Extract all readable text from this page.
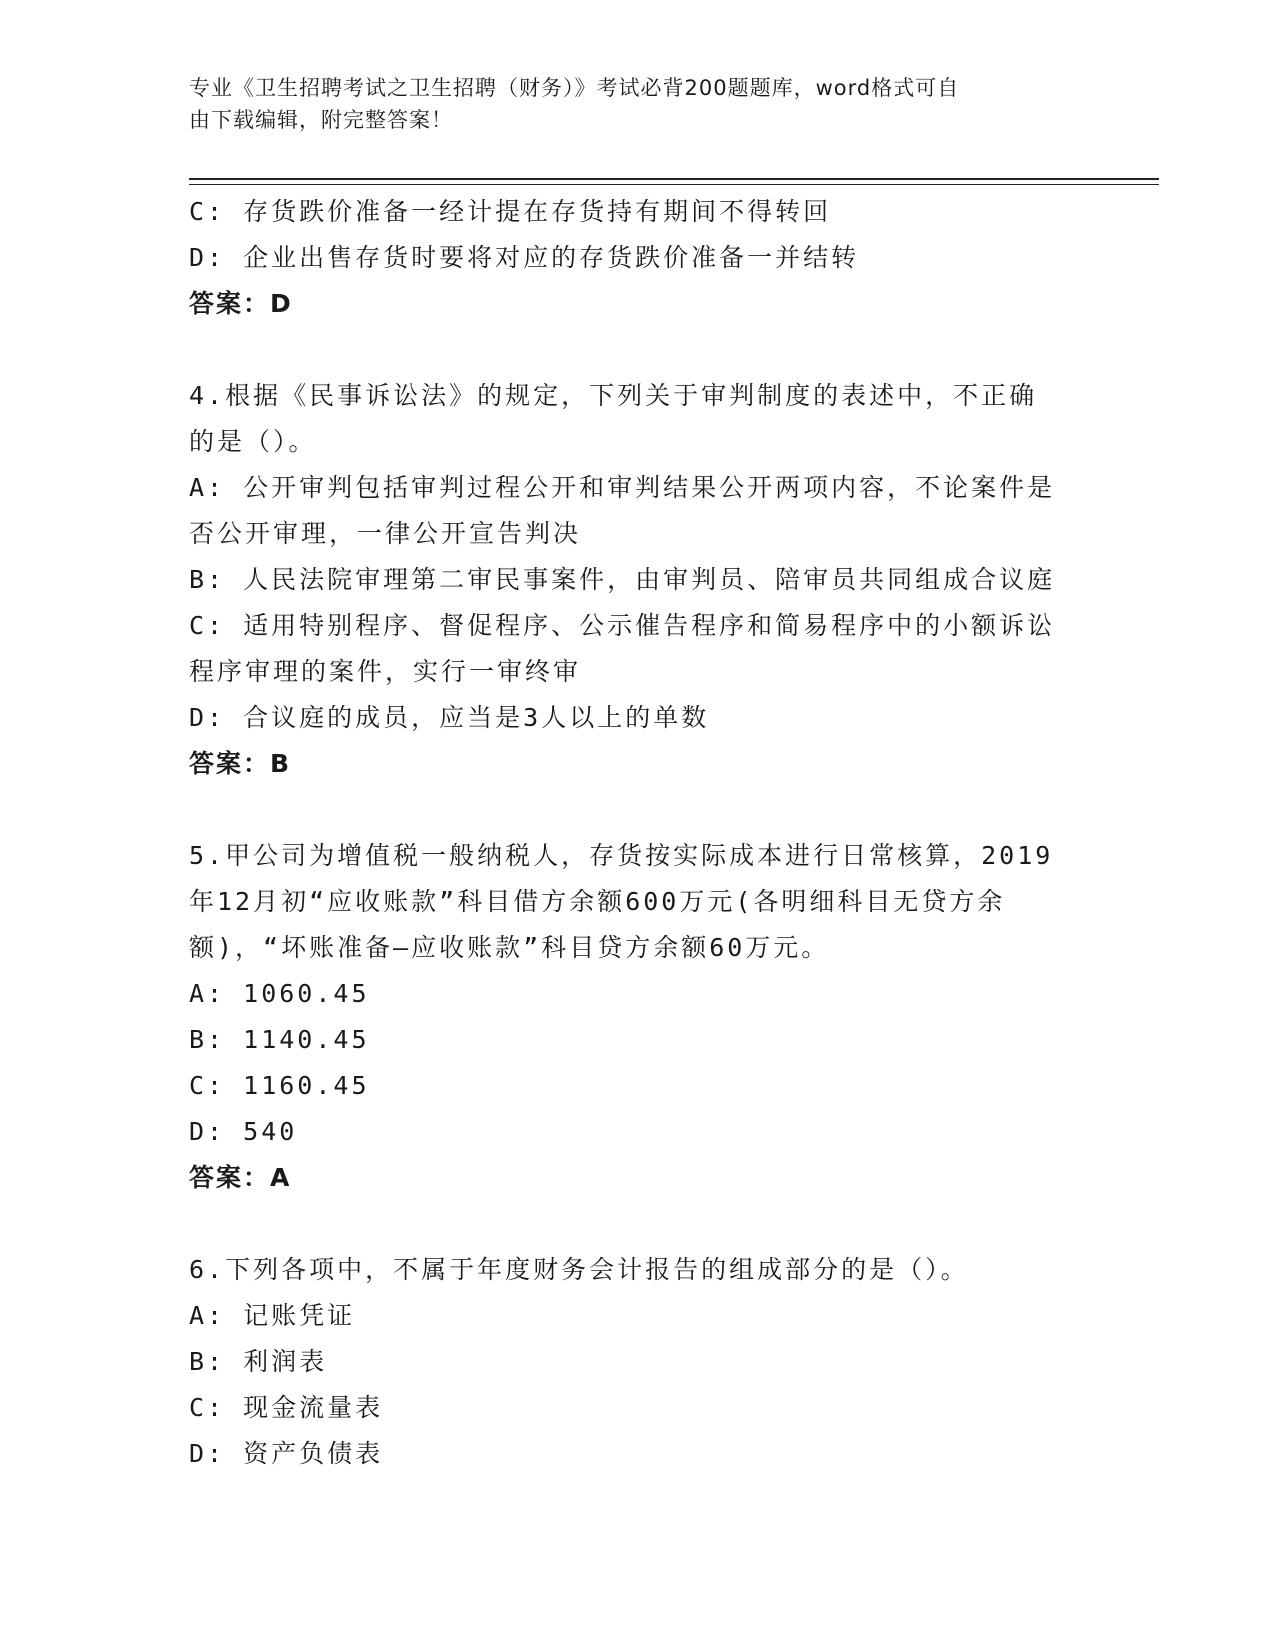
专业《卫生招聘考试之卫生招聘（财务）》考试必背200题题库，word格式可自
由下载编辑，附完整答案！
C: 存货跌价准备一经计提在存货持有期间不得转回
D: 企业出售存货时要将对应的存货跌价准备一并结转
答案：D
4.根据《民事诉讼法》的规定，下列关于审判制度的表述中，不正确
的是（）。
A: 公开审判包括审判过程公开和审判结果公开两项内容，不论案件是
否公开审理，一律公开宣告判决
B: 人民法院审理第二审民事案件，由审判员、陪审员共同组成合议庭
C: 适用特别程序、督促程序、公示催告程序和简易程序中的小额诉讼
程序审理的案件，实行一审终审
D: 合议庭的成员，应当是3人以上的单数
答案：B
5.甲公司为增值税一般纳税人，存货按实际成本进行日常核算，2019
年12月初“应收账款”科目借方余额600万元(各明细科目无贷方余
额)，“坏账准备—应收账款”科目贷方余额60万元。
A: 1060.45
B: 1140.45
C: 1160.45
D: 540
答案：A
6.下列各项中，不属于年度财务会计报告的组成部分的是（）。
A: 记账凭证
B: 利润表
C: 现金流量表
D: 资产负债表
